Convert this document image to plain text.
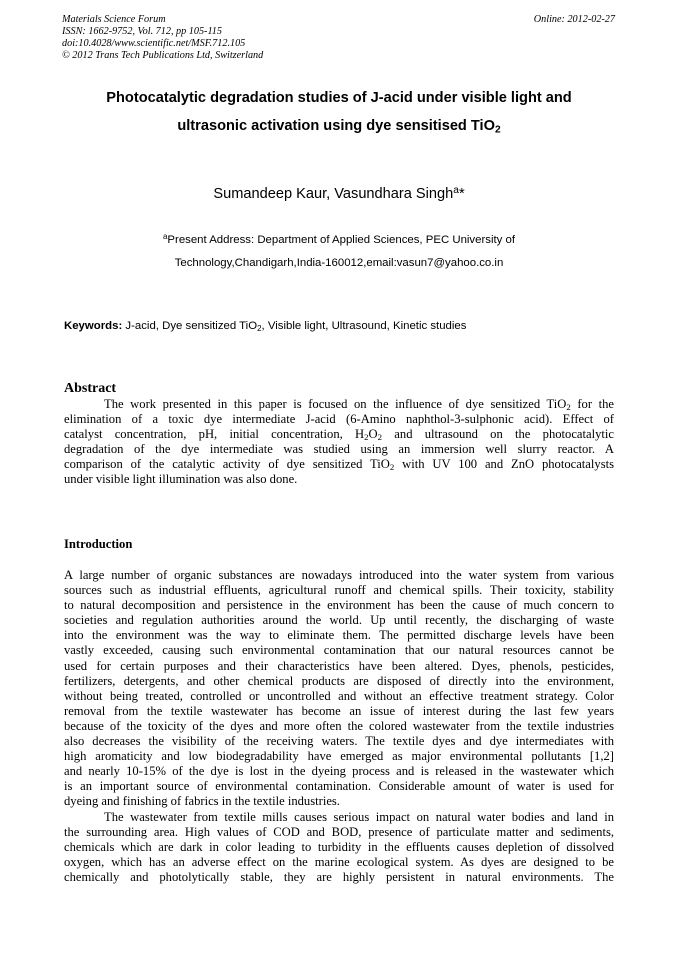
Materials Science Forum
ISSN: 1662-9752, Vol. 712, pp 105-115
doi:10.4028/www.scientific.net/MSF.712.105
© 2012 Trans Tech Publications Ltd, Switzerland
Online: 2012-02-27
Photocatalytic degradation studies of J-acid under visible light and
ultrasonic activation using dye sensitised TiO$_2$
Sumandeep Kaur, Vasundhara Singh$^a$*
$^a$Present Address: Department of Applied Sciences, PEC University of
Technology,Chandigarh,India-160012,email:vasun7@yahoo.co.in
Keywords: J-acid, Dye sensitized TiO$_2$, Visible light, Ultrasound, Kinetic studies
Abstract
The work presented in this paper is focused on the influence of dye sensitized TiO$_2$ for the
elimination of a toxic dye intermediate J-acid (6-Amino naphthol-3-sulphonic acid). Effect of
catalyst concentration, pH, initial concentration, $H_2O_2$ and ultrasound on the photocatalytic
degradation of the dye intermediate was studied using an immersion well slurry reactor. A
comparison of the catalytic activity of dye sensitized TiO$_2$ with UV 100 and ZnO photocatalysts
under visible light illumination was also done.
Introduction
A large number of organic substances are nowadays introduced into the water system from various
sources such as industrial effluents, agricultural runoff and chemical spills. Their toxicity, stability
to natural decomposition and persistence in the environment has been the cause of much concern to
societies and regulation authorities around the world. Up until recently, the discharging of waste
into the environment was the way to eliminate them. The permitted discharge levels have been
vastly exceeded, causing such environmental contamination that our natural resources cannot be
used for certain purposes and their characteristics have been altered. Dyes, phenols, pesticides,
fertilizers, detergents, and other chemical products are disposed of directly into the environment,
without being treated, controlled or uncontrolled and without an effective treatment strategy. Color
removal from the textile wastewater has become an issue of interest during the last few years
because of the toxicity of the dyes and more often the colored wastewater from the textile industries
also decreases the visibility of the receiving waters. The textile dyes and dye intermediates with
high aromaticity and low biodegradability have emerged as major environmental pollutants [1,2]
and nearly 10-15% of the dye is lost in the dyeing process and is released in the wastewater which
is an important source of environmental contamination. Considerable amount of water is used for
dyeing and finishing of fabrics in the textile industries.
The wastewater from textile mills causes serious impact on natural water bodies and land in
the surrounding area. High values of COD and BOD, presence of particulate matter and sediments,
chemicals which are dark in color leading to turbidity in the effluents causes depletion of dissolved
oxygen, which has an adverse effect on the marine ecological system. As dyes are designed to be
chemically and photolytically stable, they are highly persistent in natural environments. The
